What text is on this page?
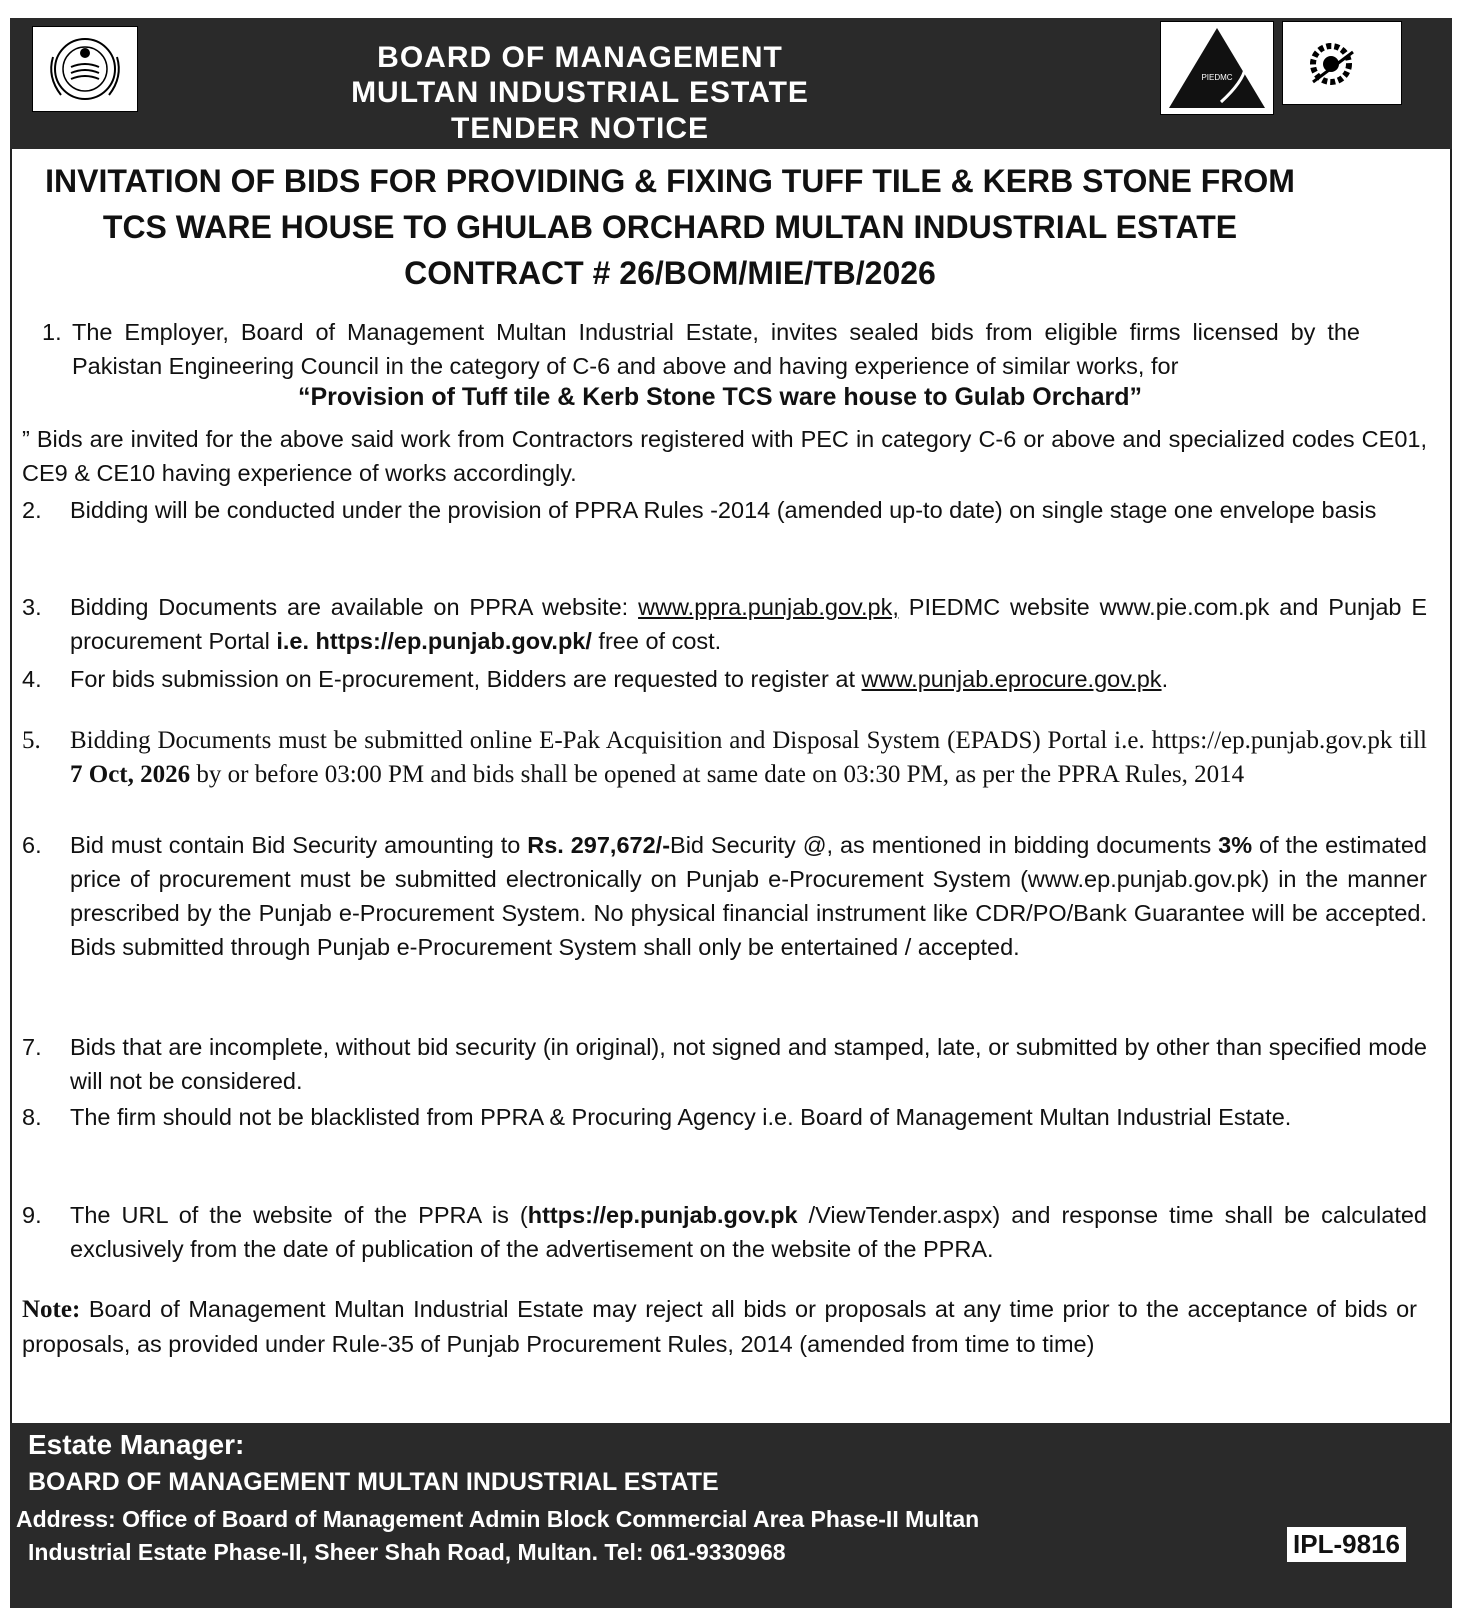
BOARD OF MANAGEMENT
MULTAN INDUSTRIAL ESTATE
TENDER NOTICE
PIEDMC
INVITATION OF BIDS FOR PROVIDING & FIXING TUFF TILE & KERB STONE FROM
TCS WARE HOUSE TO GHULAB ORCHARD MULTAN INDUSTRIAL ESTATE
CONTRACT # 26/BOM/MIE/TB/2026
1. The Employer, Board of Management Multan Industrial Estate, invites sealed bids from eligible firms licensed by the Pakistan Engineering Council in the category of C-6 and above and having experience of similar works, for
“Provision of Tuff tile & Kerb Stone TCS ware house to Gulab Orchard”
” Bids are invited for the above said work from Contractors registered with PEC in category C-6 or above and specialized codes CE01, CE9 & CE10 having experience of works accordingly.
2.	Bidding will be conducted under the provision of PPRA Rules -2014 (amended up-to date) on single stage one envelope basis
3.	Bidding Documents are available on PPRA website: www.ppra.punjab.gov.pk, PIEDMC website www.pie.com.pk and Punjab E procurement Portal i.e. https://ep.punjab.gov.pk/ free of cost.
4.	For bids submission on E-procurement, Bidders are requested to register at www.punjab.eprocure.gov.pk.
5.	Bidding Documents must be submitted online E-Pak Acquisition and Disposal System (EPADS) Portal i.e. https://ep.punjab.gov.pk till 7 Oct, 2026 by or before 03:00 PM and bids shall be opened at same date on 03:30 PM, as per the PPRA Rules, 2014
6.	Bid must contain Bid Security amounting to Rs. 297,672/-Bid Security @, as mentioned in bidding documents 3% of the estimated price of procurement must be submitted electronically on Punjab e-Procurement System (www.ep.punjab.gov.pk) in the manner prescribed by the Punjab e-Procurement System. No physical financial instrument like CDR/PO/Bank Guarantee will be accepted. Bids submitted through Punjab e-Procurement System shall only be entertained / accepted.
7.	Bids that are incomplete, without bid security (in original), not signed and stamped, late, or submitted by other than specified mode will not be considered.
8.	The firm should not be blacklisted from PPRA & Procuring Agency i.e. Board of Management Multan Industrial Estate.
9.	The URL of the website of the PPRA is (https://ep.punjab.gov.pk /ViewTender.aspx) and response time shall be calculated exclusively from the date of publication of the advertisement on the website of the PPRA.
Note: Board of Management Multan Industrial Estate may reject all bids or proposals at any time prior to the acceptance of bids or proposals, as provided under Rule-35 of Punjab Procurement Rules, 2014 (amended from time to time)
Estate Manager:
BOARD OF MANAGEMENT MULTAN INDUSTRIAL ESTATE
Address: Office of Board of Management Admin Block Commercial Area Phase-II Multan
Industrial Estate Phase-II, Sheer Shah Road, Multan. Tel: 061-9330968	IPL-9816
